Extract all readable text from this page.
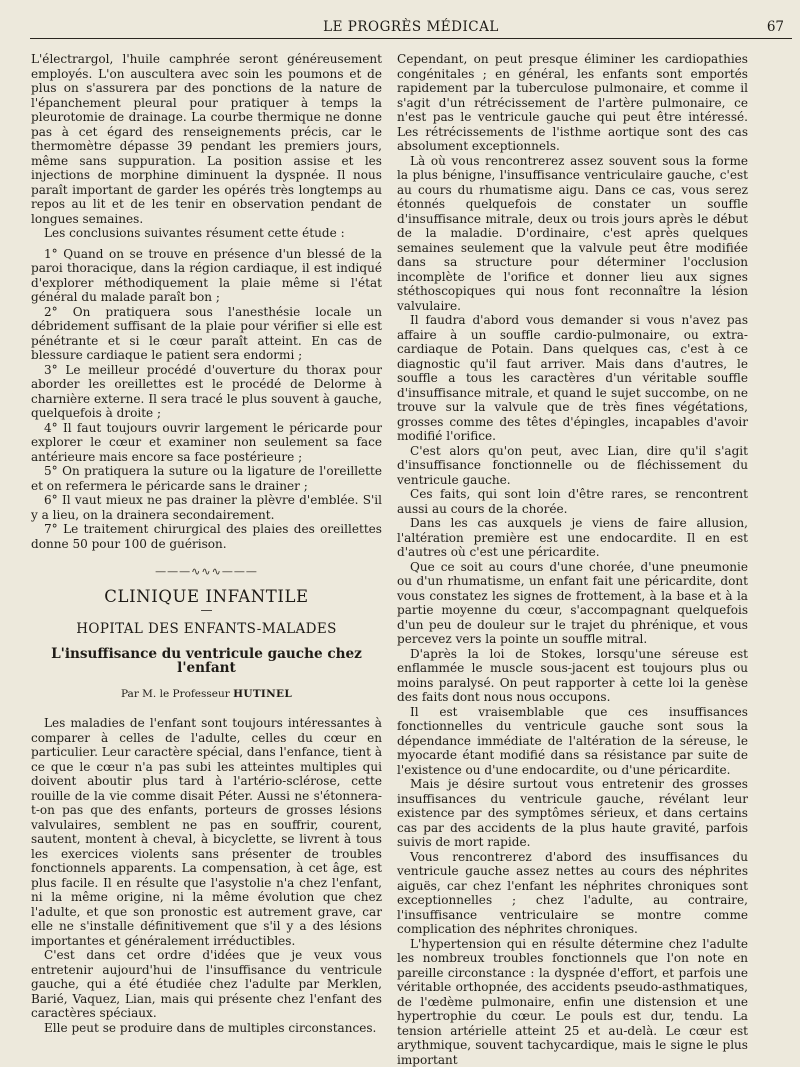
LE PROGRÈS MÉDICAL	67

L'électrargol, l'huile camphrée seront généreusement employés. L'on auscultera avec soin les poumons et de plus on s'assurera par des ponctions de la nature de l'épanchement pleural pour pratiquer à temps la pleurotomie de drainage. La courbe thermique ne donne pas à cet égard des renseignements précis, car le thermomètre dépasse 39 pendant les premiers jours, même sans suppuration. La position assise et les injections de morphine diminuent la dyspnée. Il nous paraît important de garder les opérés très longtemps au repos au lit et de les tenir en observation pendant de longues semaines.

Les conclusions suivantes résument cette étude :

1° Quand on se trouve en présence d'un blessé de la paroi thoracique, dans la région cardiaque, il est indiqué d'explorer méthodiquement la plaie même si l'état général du malade paraît bon ;

2° On pratiquera sous l'anesthésie locale un débridement suffisant de la plaie pour vérifier si elle est pénétrante et si le cœur paraît atteint. En cas de blessure cardiaque le patient sera endormi ;

3° Le meilleur procédé d'ouverture du thorax pour aborder les oreillettes est le procédé de Delorme à charnière externe. Il sera tracé le plus souvent à gauche, quelquefois à droite ;

4° Il faut toujours ouvrir largement le péricarde pour explorer le cœur et examiner non seulement sa face antérieure mais encore sa face postérieure ;

5° On pratiquera la suture ou la ligature de l'oreillette et on refermera le péricarde sans le drainer ;

6° Il vaut mieux ne pas drainer la plèvre d'emblée. S'il y a lieu, on la drainera secondairement.

7° Le traitement chirurgical des plaies des oreillettes donne 50 pour 100 de guérison.

———∿∿∿———
CLINIQUE INFANTILE
—
HOPITAL DES ENFANTS-MALADES
L'insuffisance du ventricule gauche chez l'enfant
Par M. le Professeur HUTINEL

Les maladies de l'enfant sont toujours intéressantes à comparer à celles de l'adulte, celles du cœur en particulier. Leur caractère spécial, dans l'enfance, tient à ce que le cœur n'a pas subi les atteintes multiples qui doivent aboutir plus tard à l'artério-sclérose, cette rouille de la vie comme disait Péter. Aussi ne s'étonnera-t-on pas que des enfants, porteurs de grosses lésions valvulaires, semblent ne pas en souffrir, courent, sautent, montent à cheval, à bicyclette, se livrent à tous les exercices violents sans présenter de troubles fonctionnels apparents. La compensation, à cet âge, est plus facile. Il en résulte que l'asystolie n'a chez l'enfant, ni la même origine, ni la même évolution que chez l'adulte, et que son pronostic est autrement grave, car elle ne s'installe définitivement que s'il y a des lésions importantes et généralement irréductibles.

C'est dans cet ordre d'idées que je veux vous entretenir aujourd'hui de l'insuffisance du ventricule gauche, qui a été étudiée chez l'adulte par Merklen, Barié, Vaquez, Lian, mais qui présente chez l'enfant des caractères spéciaux.

Elle peut se produire dans de multiples circonstances.

Cependant, on peut presque éliminer les cardiopathies congénitales ; en général, les enfants sont emportés rapidement par la tuberculose pulmonaire, et comme il s'agit d'un rétrécissement de l'artère pulmonaire, ce n'est pas le ventricule gauche qui peut être intéressé. Les rétrécissements de l'isthme aortique sont des cas absolument exceptionnels.

Là où vous rencontrerez assez souvent sous la forme la plus bénigne, l'insuffisance ventriculaire gauche, c'est au cours du rhumatisme aigu. Dans ce cas, vous serez étonnés quelquefois de constater un souffle d'insuffisance mitrale, deux ou trois jours après le début de la maladie. D'ordinaire, c'est après quelques semaines seulement que la valvule peut être modifiée dans sa structure pour déterminer l'occlusion incomplète de l'orifice et donner lieu aux signes stéthoscopiques qui nous font reconnaître la lésion valvulaire.

Il faudra d'abord vous demander si vous n'avez pas affaire à un souffle cardio-pulmonaire, ou extra-cardiaque de Potain. Dans quelques cas, c'est à ce diagnostic qu'il faut arriver. Mais dans d'autres, le souffle a tous les caractères d'un véritable souffle d'insuffisance mitrale, et quand le sujet succombe, on ne trouve sur la valvule que de très fines végétations, grosses comme des têtes d'épingles, incapables d'avoir modifié l'orifice.

C'est alors qu'on peut, avec Lian, dire qu'il s'agit d'insuffisance fonctionnelle ou de fléchissement du ventricule gauche.

Ces faits, qui sont loin d'être rares, se rencontrent aussi au cours de la chorée.

Dans les cas auxquels je viens de faire allusion, l'altération première est une endocardite. Il en est d'autres où c'est une péricardite.

Que ce soit au cours d'une chorée, d'une pneumonie ou d'un rhumatisme, un enfant fait une péricardite, dont vous constatez les signes de frottement, à la base et à la partie moyenne du cœur, s'accompagnant quelquefois d'un peu de douleur sur le trajet du phrénique, et vous percevez vers la pointe un souffle mitral.

D'après la loi de Stokes, lorsqu'une séreuse est enflammée le muscle sous-jacent est toujours plus ou moins paralysé. On peut rapporter à cette loi la genèse des faits dont nous nous occupons.

Il est vraisemblable que ces insuffisances fonctionnelles du ventricule gauche sont sous la dépendance immédiate de l'altération de la séreuse, le myocarde étant modifié dans sa résistance par suite de l'existence ou d'une endocardite, ou d'une péricardite.

Mais je désire surtout vous entretenir des grosses insuffisances du ventricule gauche, révélant leur existence par des symptômes sérieux, et dans certains cas par des accidents de la plus haute gravité, parfois suivis de mort rapide.

Vous rencontrerez d'abord des insuffisances du ventricule gauche assez nettes au cours des néphrites aiguës, car chez l'enfant les néphrites chroniques sont exceptionnelles ; chez l'adulte, au contraire, l'insuffisance ventriculaire se montre comme complication des néphrites chroniques.

L'hypertension qui en résulte détermine chez l'adulte les nombreux troubles fonctionnels que l'on note en pareille circonstance : la dyspnée d'effort, et parfois une véritable orthopnée, des accidents pseudo-asthmatiques, de l'œdème pulmonaire, enfin une distension et une hypertrophie du cœur. Le pouls est dur, tendu. La tension artérielle atteint 25 et au-delà. Le cœur est arythmique, souvent tachycardique, mais le signe le plus important
